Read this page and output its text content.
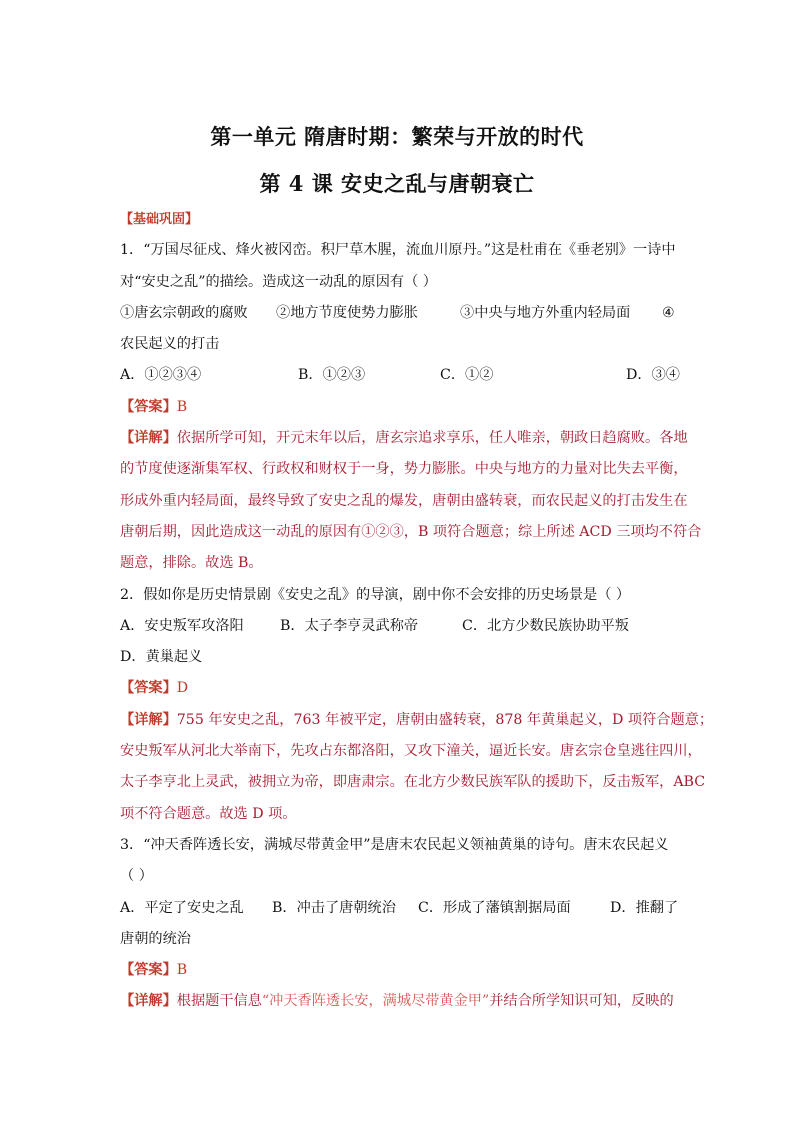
第一单元 隋唐时期：繁荣与开放的时代
第 4 课 安史之乱与唐朝衰亡
【基础巩固】
1．“万国尽征戍、烽火被冈峦。积尸草木腥，流血川原丹。”这是杜甫在《垂老别》一诗中
对“安史之乱”的描绘。造成这一动乱的原因有（ ）
①唐玄宗朝政的腐败 ②地方节度使势力膨胀	③中央与地方外重内轻局面 ④
农民起义的打击
A．①②③④	B．①②③	C．①②	D．③④
【答案】B
【详解】依据所学可知，开元末年以后，唐玄宗追求享乐，任人唯亲，朝政日趋腐败。各地
的节度使逐渐集军权、行政权和财权于一身，势力膨胀。中央与地方的力量对比失去平衡，
形成外重内轻局面，最终导致了安史之乱的爆发，唐朝由盛转衰，而农民起义的打击发生在
唐朝后期，因此造成这一动乱的原因有①②③，B 项符合题意；综上所述 ACD 三项均不符合
题意，排除。故选 B。
2．假如你是历史情景剧《安史之乱》的导演，剧中你不会安排的历史场景是（ ）
A．安史叛军攻洛阳	B．太子李亨灵武称帝	C．北方少数民族协助平叛
D．黄巢起义
【答案】D
【详解】755 年安史之乱，763 年被平定，唐朝由盛转衰，878 年黄巢起义，D 项符合题意；
安史叛军从河北大举南下，先攻占东都洛阳，又攻下潼关，逼近长安。唐玄宗仓皇逃往四川，
太子李亨北上灵武，被拥立为帝，即唐肃宗。在北方少数民族军队的援助下，反击叛军，ABC
项不符合题意。故选 D 项。
3．“冲天香阵透长安，满城尽带黄金甲”是唐末农民起义领袖黄巢的诗句。唐末农民起义
（ ）
A．平定了安史之乱 B．冲击了唐朝统治 C．形成了藩镇割据局面	D．推翻了
唐朝的统治
【答案】B
【详解】根据题干信息“冲天香阵透长安，满城尽带黄金甲”并结合所学知识可知，反映的
